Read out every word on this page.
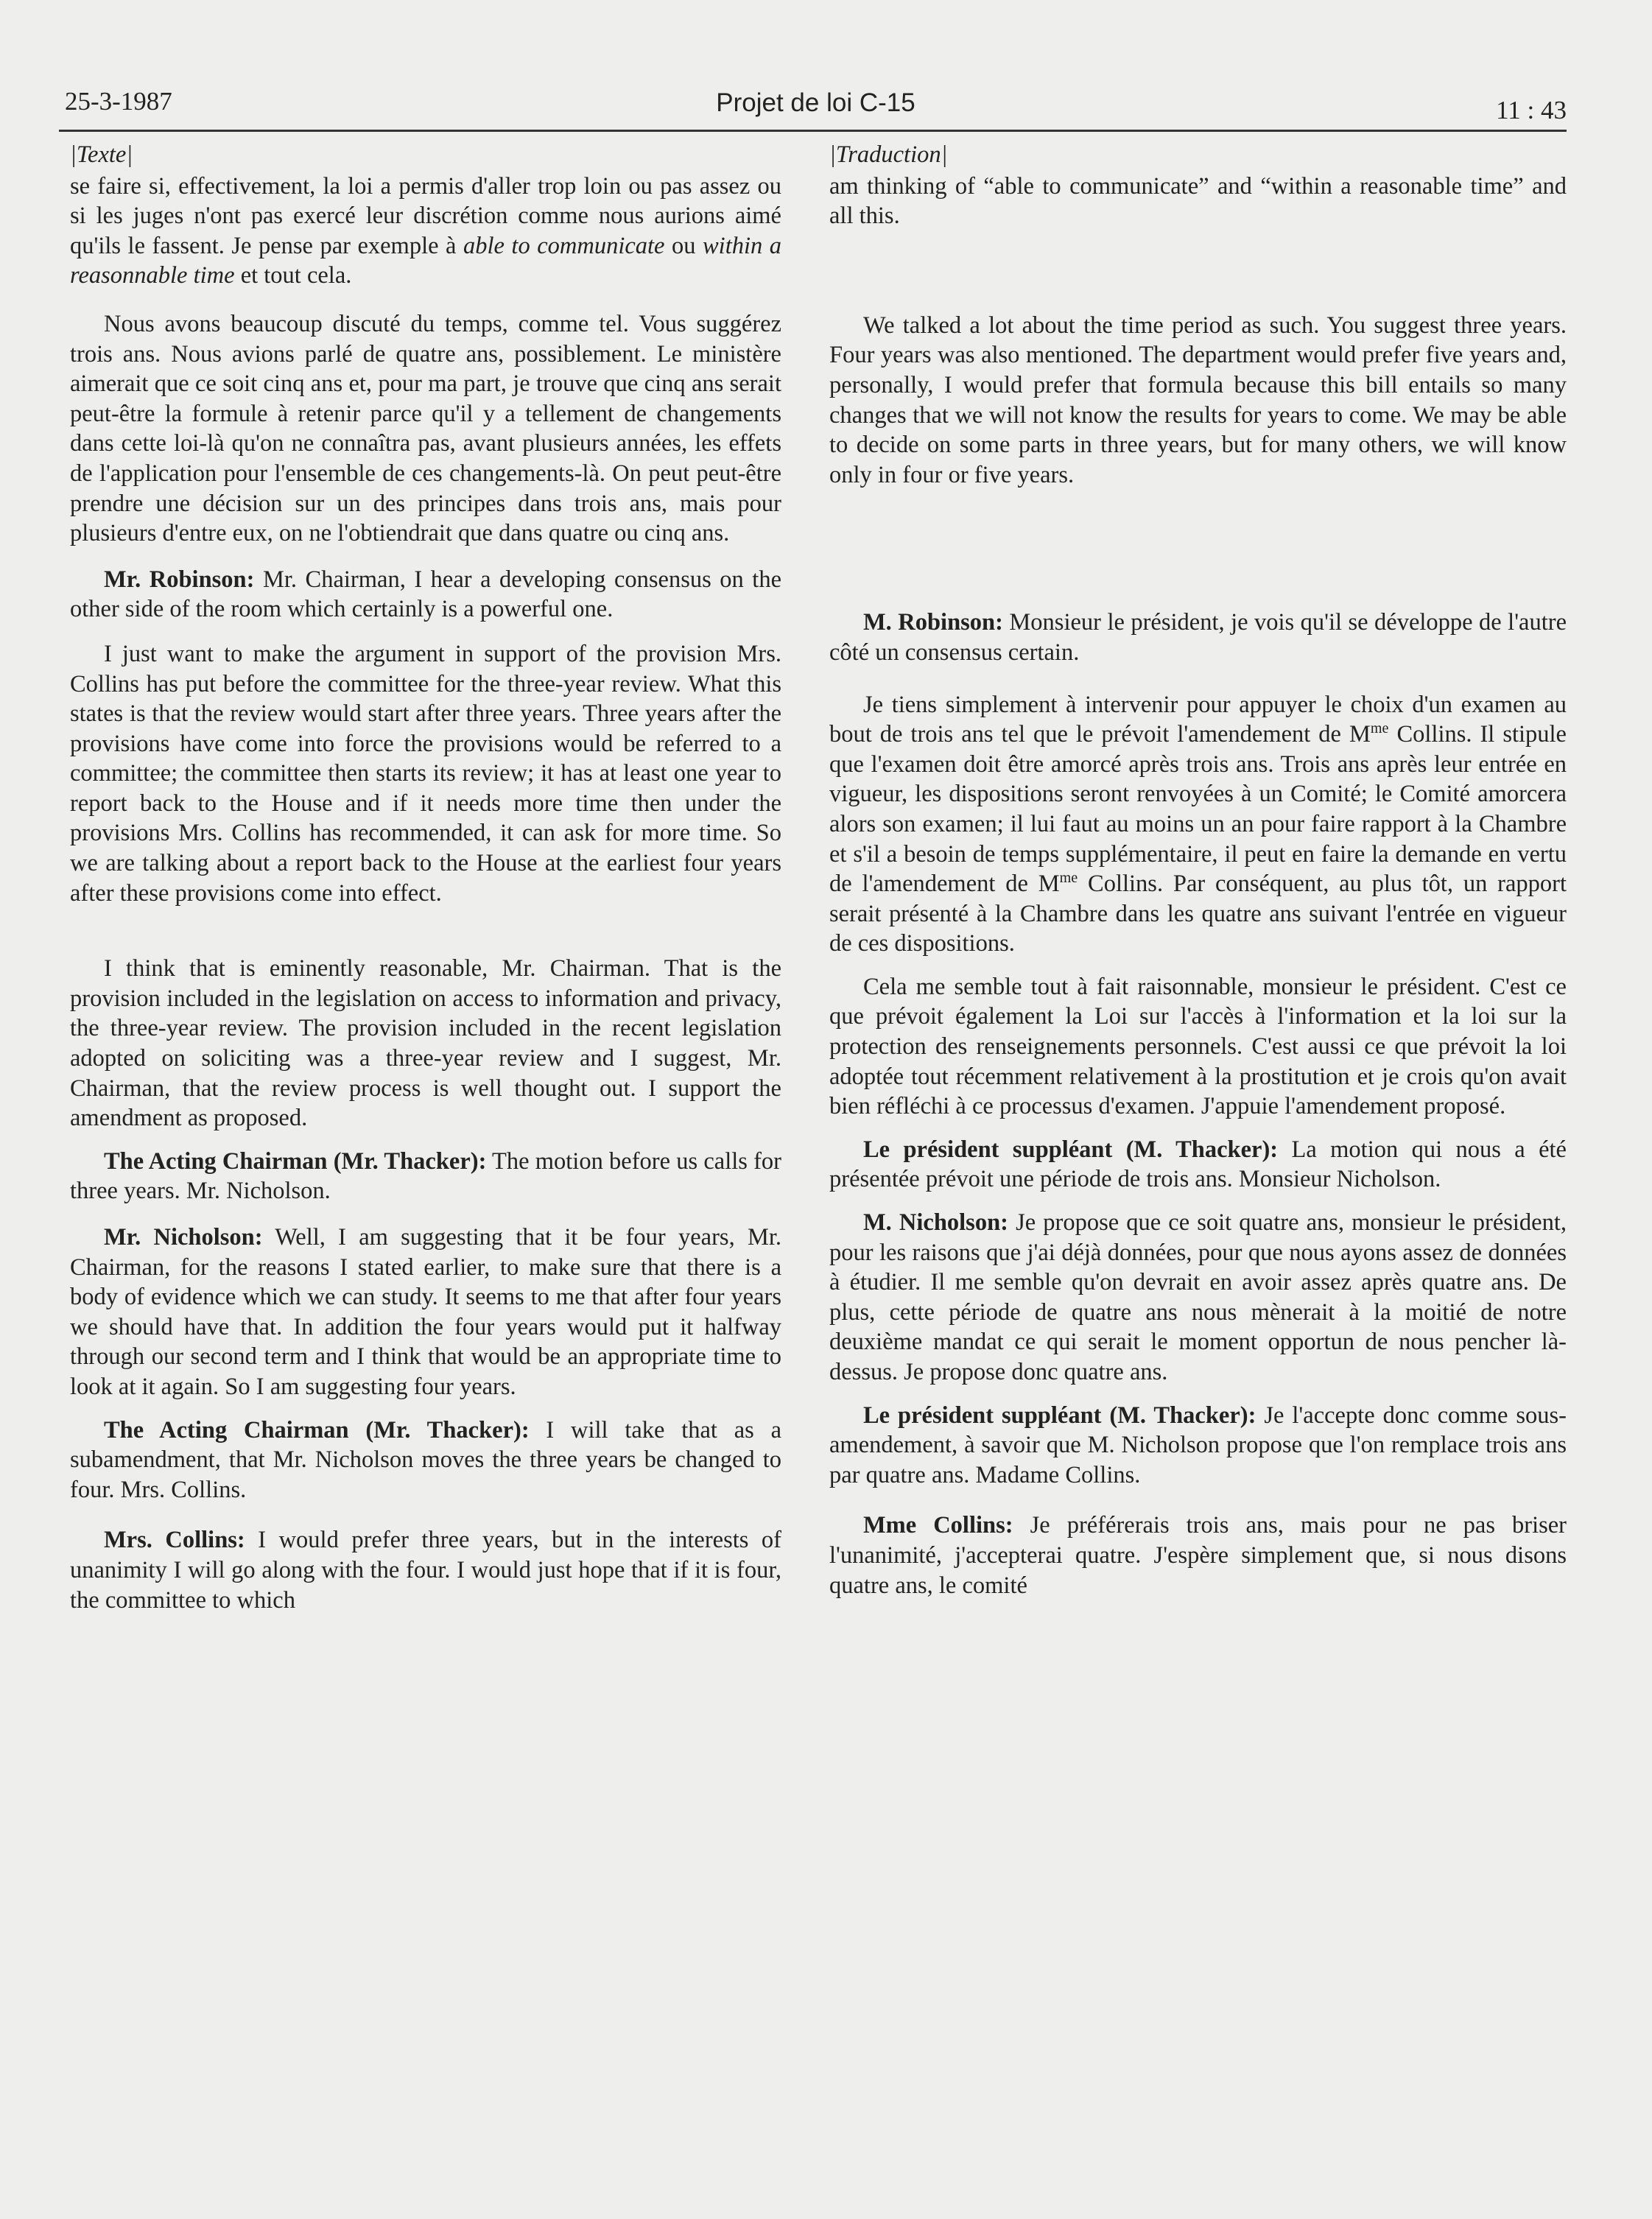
25-3-1987	Projet de loi C-15	11 : 43
|Texte|

se faire si, effectivement, la loi a permis d'aller trop loin ou pas assez ou si les juges n'ont pas exercé leur discrétion comme nous aurions aimé qu'ils le fassent. Je pense par exemple à able to communicate ou within a reasonnable time et tout cela.

Nous avons beaucoup discuté du temps, comme tel. Vous suggérez trois ans. Nous avions parlé de quatre ans, possiblement. Le ministère aimerait que ce soit cinq ans et, pour ma part, je trouve que cinq ans serait peut-être la formule à retenir parce qu'il y a tellement de changements dans cette loi-là qu'on ne connaîtra pas, avant plusieurs années, les effets de l'application pour l'ensemble de ces changements-là. On peut peut-être prendre une décision sur un des principes dans trois ans, mais pour plusieurs d'entre eux, on ne l'obtiendrait que dans quatre ou cinq ans.

Mr. Robinson: Mr. Chairman, I hear a developing consensus on the other side of the room which certainly is a powerful one.

I just want to make the argument in support of the provision Mrs. Collins has put before the committee for the three-year review. What this states is that the review would start after three years. Three years after the provisions have come into force the provisions would be referred to a committee; the committee then starts its review; it has at least one year to report back to the House and if it needs more time then under the provisions Mrs. Collins has recommended, it can ask for more time. So we are talking about a report back to the House at the earliest four years after these provisions come into effect.

I think that is eminently reasonable, Mr. Chairman. That is the provision included in the legislation on access to information and privacy, the three-year review. The provision included in the recent legislation adopted on soliciting was a three-year review and I suggest, Mr. Chairman, that the review process is well thought out. I support the amendment as proposed.

The Acting Chairman (Mr. Thacker): The motion before us calls for three years. Mr. Nicholson.

Mr. Nicholson: Well, I am suggesting that it be four years, Mr. Chairman, for the reasons I stated earlier, to make sure that there is a body of evidence which we can study. It seems to me that after four years we should have that. In addition the four years would put it halfway through our second term and I think that would be an appropriate time to look at it again. So I am suggesting four years.

The Acting Chairman (Mr. Thacker): I will take that as a subamendment, that Mr. Nicholson moves the three years be changed to four. Mrs. Collins.

Mrs. Collins: I would prefer three years, but in the interests of unanimity I will go along with the four. I would just hope that if it is four, the committee to which

|Traduction|

am thinking of “able to communicate” and “within a reasonable time” and all this.

We talked a lot about the time period as such. You suggest three years. Four years was also mentioned. The department would prefer five years and, personally, I would prefer that formula because this bill entails so many changes that we will not know the results for years to come. We may be able to decide on some parts in three years, but for many others, we will know only in four or five years.

M. Robinson: Monsieur le président, je vois qu'il se développe de l'autre côté un consensus certain.

Je tiens simplement à intervenir pour appuyer le choix d'un examen au bout de trois ans tel que le prévoit l'amendement de $M^{me}$ Collins. Il stipule que l'examen doit être amorcé après trois ans. Trois ans après leur entrée en vigueur, les dispositions seront renvoyées à un Comité; le Comité amorcera alors son examen; il lui faut au moins un an pour faire rapport à la Chambre et s'il a besoin de temps supplémentaire, il peut en faire la demande en vertu de l'amendement de $M^{me}$ Collins. Par conséquent, au plus tôt, un rapport serait présenté à la Chambre dans les quatre ans suivant l'entrée en vigueur de ces dispositions.

Cela me semble tout à fait raisonnable, monsieur le président. C'est ce que prévoit également la Loi sur l'accès à l'information et la loi sur la protection des renseignements personnels. C'est aussi ce que prévoit la loi adoptée tout récemment relativement à la prostitution et je crois qu'on avait bien réfléchi à ce processus d'examen. J'appuie l'amendement proposé.

Le président suppléant (M. Thacker): La motion qui nous a été présentée prévoit une période de trois ans. Monsieur Nicholson.

M. Nicholson: Je propose que ce soit quatre ans, monsieur le président, pour les raisons que j'ai déjà données, pour que nous ayons assez de données à étudier. Il me semble qu'on devrait en avoir assez après quatre ans. De plus, cette période de quatre ans nous mènerait à la moitié de notre deuxième mandat ce qui serait le moment opportun de nous pencher là-dessus. Je propose donc quatre ans.

Le président suppléant (M. Thacker): Je l'accepte donc comme sous-amendement, à savoir que M. Nicholson propose que l'on remplace trois ans par quatre ans. Madame Collins.

Mme Collins: Je préférerais trois ans, mais pour ne pas briser l'unanimité, j'accepterai quatre. J'espère simplement que, si nous disons quatre ans, le comité
